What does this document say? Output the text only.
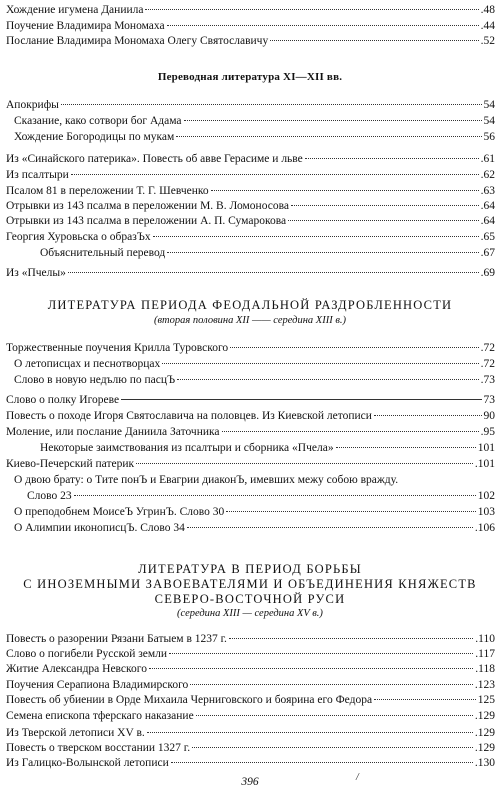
Хождение игумена Даниила	.48
Поучение Владимира Мономаха	.44
Послание Владимира Мономаха Олегу Святославичу	.52
Переводная литература XI—XII вв.
Апокрифы	54
Сказание, како сотвори бог Адама	54
Хождение Богородицы по мукам	56
Из «Синайского патерика». Повесть об авве Герасиме и льве	.61
Из псалтыри	.62
Псалом 81 в переложении Т. Г. Шевченко	.63
Отрывки из 143 псалма в переложении М. В. Ломоносова	.64
Отрывки из 143 псалма в переложении А. П. Сумарокова	.64
Георгия Хуровьска о образЪх	.65
Объяснительный перевод	.67
Из «Пчелы»	.69
ЛИТЕРАТУРА ПЕРИОДА ФЕОДАЛЬНОЙ РАЗДРОБЛЕННОСТИ
(вторая половина XII —— середина XIII в.)
Торжественные поучения Крилла Туровского	.72
О летописцах и песнотворцах	.72
Слово в новую недълю по пасцЪ	.73
Слово о полку Игореве	73
Повесть о походе Игоря Святославича на половцев. Из Киевской летописи	90
Моление, или послание Даниила Заточника	.95
Некоторые заимствования из псалтыри и сборника «Пчела»	101
Киево-Печерский патерик	.101
О двою брату: о Тите понЪ и Евагрии диаконЪ, имевших межу собою вражду.
Слово 23	102
О преподобнем МоисеЪ УгринЪ. Слово 30	103
О Алимпии иконописцЪ. Слово 34	.106
ЛИТЕРАТУРА В ПЕРИОД БОРЬБЫ
С ИНОЗЕМНЫМИ ЗАВОЕВАТЕЛЯМИ И ОБЪЕДИНЕНИЯ КНЯЖЕСТВ
СЕВЕРО-ВОСТОЧНОЙ РУСИ
(середина XIII — середина XV в.)
Повесть о разорении Рязани Батыем в 1237 г.	.110
Слово о погибели Русской земли	.117
Житие Александра Невского	.118
Поучения Серапиона Владимирского	.123
Повесть об убиении в Орде Михаила Черниговского и боярина его Федора	125
Семена епископа тферскаго наказание	.129
Из Тверской летописи XV в.	.129
Повесть о тверском восстании 1327 г.	.129
Из Галицко-Волынской летописи	.130
/
396
